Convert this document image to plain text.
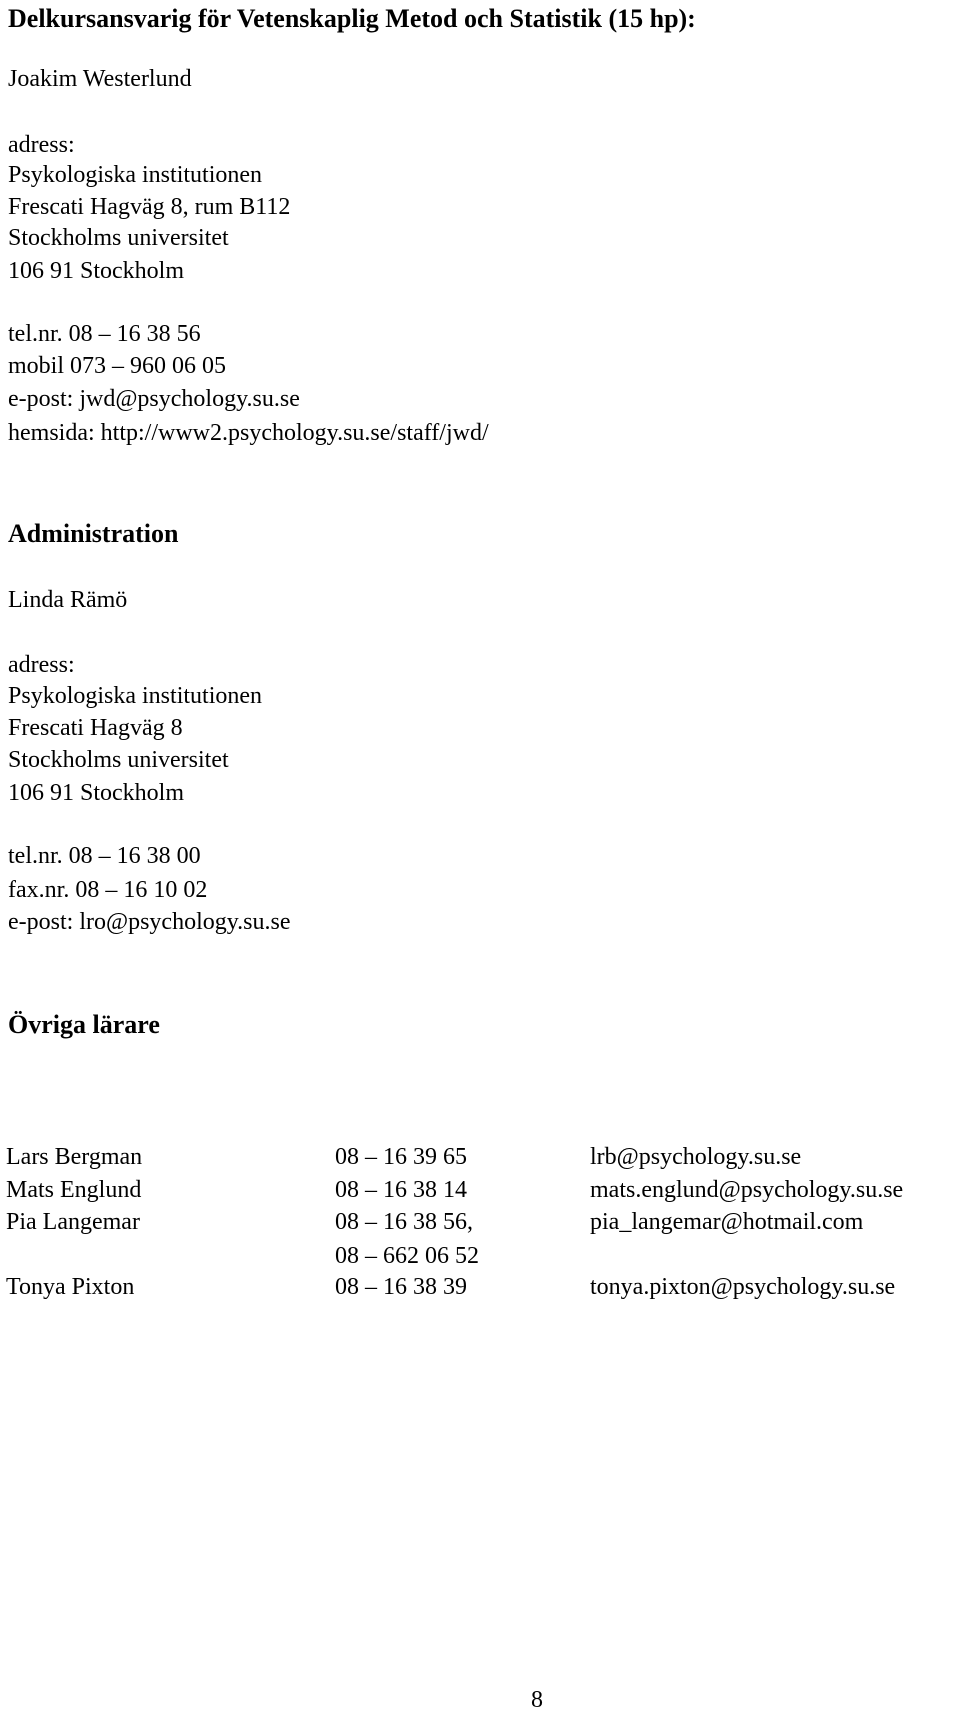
Delkursansvarig för Vetenskaplig Metod och Statistik (15 hp):
Joakim Westerlund
adress:
Psykologiska institutionen
Frescati Hagväg 8, rum B112
Stockholms universitet
106 91 Stockholm
tel.nr. 08 – 16 38 56
mobil 073 – 960 06 05
e-post: jwd@psychology.su.se
hemsida: http://www2.psychology.su.se/staff/jwd/
Administration
Linda Rämö
adress:
Psykologiska institutionen
Frescati Hagväg 8
Stockholms universitet
106 91 Stockholm
tel.nr. 08 – 16 38 00
fax.nr. 08 – 16 10 02
e-post: lro@psychology.su.se
Övriga lärare
Lars Bergman	08 – 16 39 65	lrb@psychology.su.se
Mats Englund	08 – 16 38 14	mats.englund@psychology.su.se
Pia Langemar	08 – 16 38 56,	pia_langemar@hotmail.com
08 – 662 06 52
Tonya Pixton	08 – 16 38 39	tonya.pixton@psychology.su.se
8
